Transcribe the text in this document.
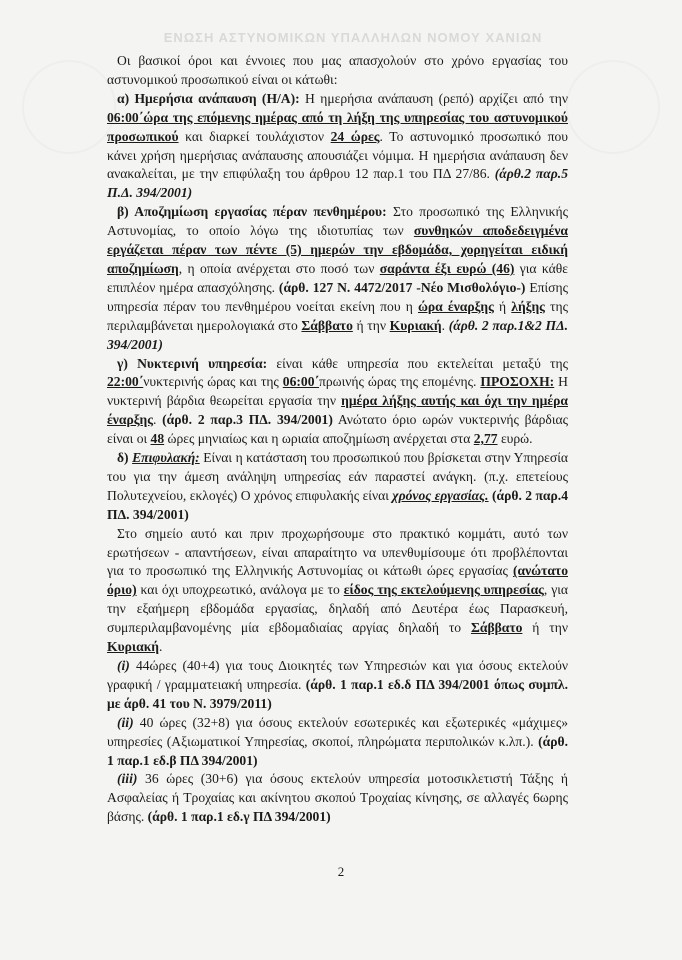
ΕΝΩΣΗ ΑΣΤΥΝΟΜΙΚΩΝ ΥΠΑΛΛΗΛΩΝ ΝΟΜΟΥ ΧΑΝΙΩΝ

Οι βασικοί όροι και έννοιες που μας απασχολούν στο χρόνο εργασίας του αστυνομικού προσωπικού είναι οι κάτωθι:

α) Ημερήσια ανάπαυση (Η/Α): Η ημερήσια ανάπαυση (ρεπό) αρχίζει από την 06:00΄ώρα της επόμενης ημέρας από τη λήξη της υπηρεσίας του αστυνομικού προσωπικού και διαρκεί τουλάχιστον 24 ώρες. Το αστυνομικό προσωπικό που κάνει χρήση ημερήσιας ανάπαυσης απουσιάζει νόμιμα. Η ημερήσια ανάπαυση δεν ανακαλείται, με την επιφύλαξη του άρθρου 12 παρ.1 του ΠΔ 27/86. (άρθ.2 παρ.5 Π.Δ. 394/2001)

β) Αποζημίωση εργασίας πέραν πενθημέρου: Στο προσωπικό της Ελληνικής Αστυνομίας, το οποίο λόγω της ιδιοτυπίας των συνθηκών αποδεδειγμένα εργάζεται πέραν των πέντε (5) ημερών την εβδομάδα, χορηγείται ειδική αποζημίωση, η οποία ανέρχεται στο ποσό των σαράντα έξι ευρώ (46) για κάθε επιπλέον ημέρα απασχόλησης. (άρθ. 127 Ν. 4472/2017 -Νέο Μισθολόγιο-) Επίσης υπηρεσία πέραν του πενθημέρου νοείται εκείνη που η ώρα έναρξης ή λήξης της περιλαμβάνεται ημερολογιακά στο Σάββατο ή την Κυριακή. (άρθ. 2 παρ.1&2 ΠΔ. 394/2001)

γ) Νυκτερινή υπηρεσία: είναι κάθε υπηρεσία που εκτελείται μεταξύ της 22:00΄νυκτερινής ώρας και της 06:00΄πρωινής ώρας της επομένης. ΠΡΟΣΟΧΗ: Η νυκτερινή βάρδια θεωρείται εργασία την ημέρα λήξης αυτής και όχι την ημέρα έναρξης. (άρθ. 2 παρ.3 ΠΔ. 394/2001) Ανώτατο όριο ωρών νυκτερινής βάρδιας είναι οι 48 ώρες μηνιαίως και η ωριαία αποζημίωση ανέρχεται στα 2,77 ευρώ.

δ) Επιφυλακή: Είναι η κατάσταση του προσωπικού που βρίσκεται στην Υπηρεσία του για την άμεση ανάληψη υπηρεσίας εάν παραστεί ανάγκη. (π.χ. επετείους Πολυτεχνείου, εκλογές) Ο χρόνος επιφυλακής είναι χρόνος εργασίας. (άρθ. 2 παρ.4 ΠΔ. 394/2001)

Στο σημείο αυτό και πριν προχωρήσουμε στο πρακτικό κομμάτι, αυτό των ερωτήσεων - απαντήσεων, είναι απαραίτητο να υπενθυμίσουμε ότι προβλέπονται για το προσωπικό της Ελληνικής Αστυνομίας οι κάτωθι ώρες εργασίας (ανώτατο όριο) και όχι υποχρεωτικό, ανάλογα με το είδος της εκτελούμενης υπηρεσίας, για την εξαήμερη εβδομάδα εργασίας, δηλαδή από Δευτέρα έως Παρασκευή, συμπεριλαμβανομένης μία εβδομαδιαίας αργίας δηλαδή το Σάββατο ή την Κυριακή.

(i) 44ώρες (40+4) για τους Διοικητές των Υπηρεσιών και για όσους εκτελούν γραφική / γραμματειακή υπηρεσία. (άρθ. 1 παρ.1 εδ.δ ΠΔ 394/2001 όπως συμπλ. με άρθ. 41 του Ν. 3979/2011)

(ii) 40 ώρες (32+8) για όσους εκτελούν εσωτερικές και εξωτερικές «μάχιμες» υπηρεσίες (Αξιωματικοί Υπηρεσίας, σκοποί, πληρώματα περιπολικών κ.λπ.). (άρθ. 1 παρ.1 εδ.β ΠΔ 394/2001)

(iii) 36 ώρες (30+6) για όσους εκτελούν υπηρεσία μοτοσικλετιστή Τάξης ή Ασφαλείας ή Τροχαίας και ακίνητου σκοπού Τροχαίας κίνησης, σε αλλαγές 6ωρης βάσης. (άρθ. 1 παρ.1 εδ.γ ΠΔ 394/2001)

2
